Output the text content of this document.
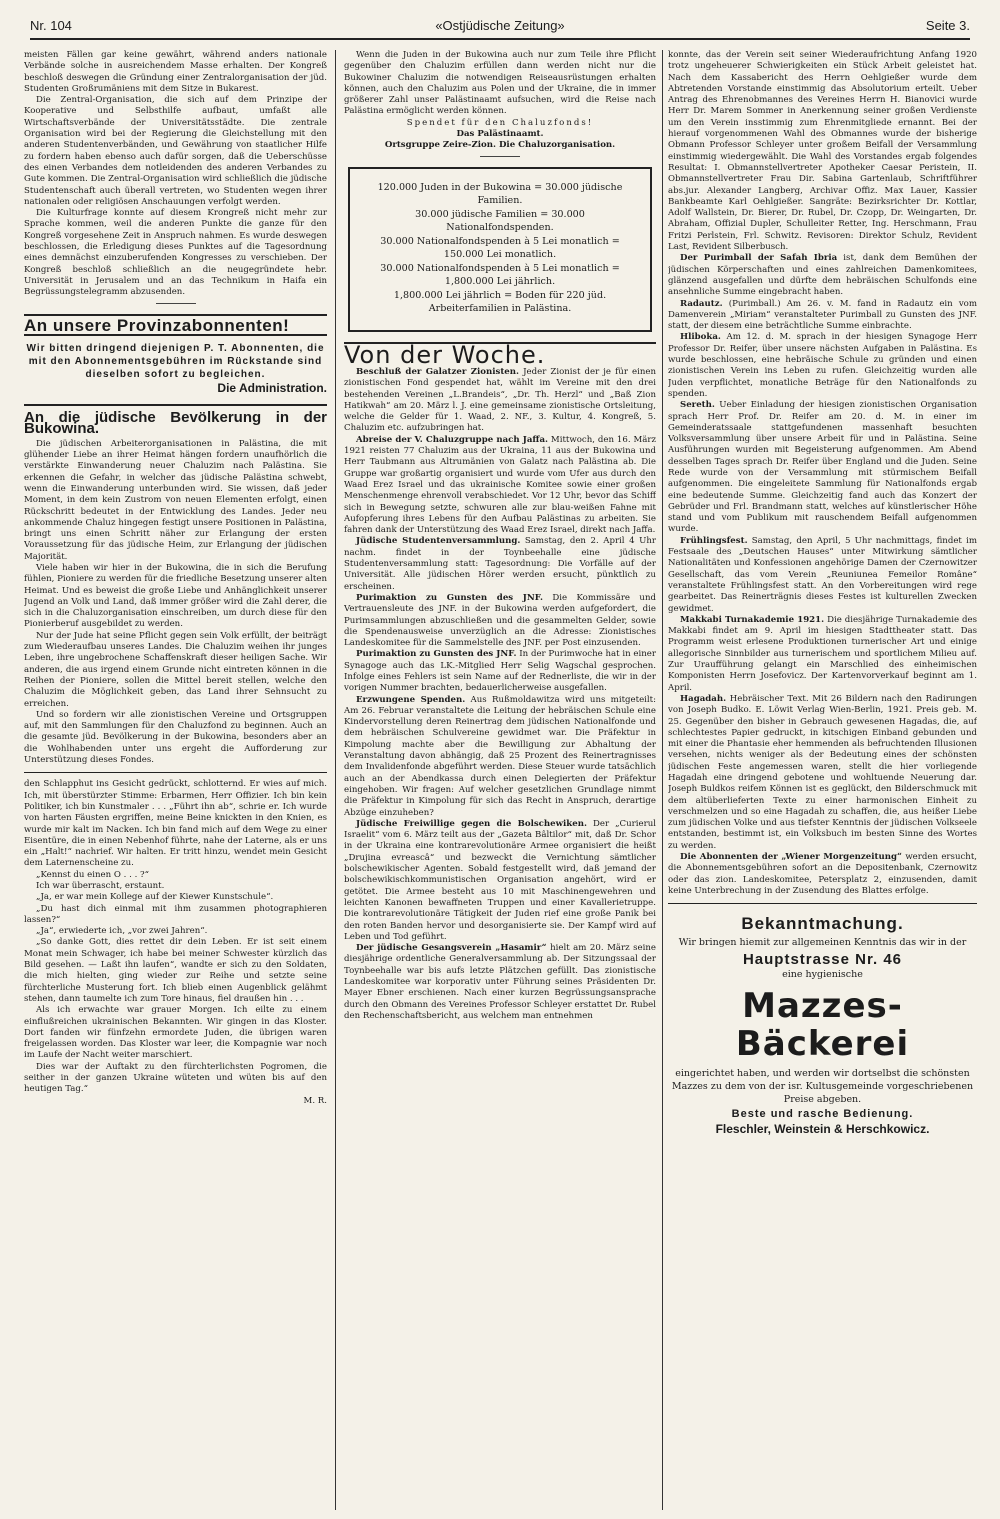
Nr. 104	«Ostjüdische Zeitung»	Seite 3.

meisten Fällen gar keine gewährt, während anders nationale Verbände solche in ausreichendem Masse erhalten. Der Kongreß beschloß deswegen die Gründung einer Zentralorganisation der jüd. Studenten Großrumäniens mit dem Sitze in Bukarest.

Die Zentral-Organisation, die sich auf dem Prinzipe der Kooperative und Selbsthilfe aufbaut, umfaßt alle Wirtschaftsverbände der Universitätsstädte. Die zentrale Organisation wird bei der Regierung die Gleichstellung mit den anderen Studentenverbänden, und Gewährung von staatlicher Hilfe zu fordern haben ebenso auch dafür sorgen, daß die Ueberschüsse des einen Verbandes dem notleidenden des anderen Verbandes zu Gute kommen. Die Zentral-Organisation wird schließlich die jüdische Studentenschaft auch überall vertreten, wo Studenten wegen ihrer nationalen oder religiösen Anschauungen verfolgt werden.

Die Kulturfrage konnte auf diesem Krongreß nicht mehr zur Sprache kommen, weil die anderen Punkte die ganze für den Kongreß vorgesehene Zeit in Anspruch nahmen. Es wurde deswegen beschlossen, die Erledigung dieses Punktes auf die Tagesordnung eines demnächst einzuberufenden Kongresses zu verschieben. Der Kongreß beschloß schließlich an die neugegründete hebr. Universität in Jerusalem und an das Technikum in Haifa ein Begrüssungstelegramm abzusenden.

An unsere Provinzabonnenten!
Wir bitten dringend diejenigen P. T. Abonnenten, die mit den Abonnementsgebühren im Rückstande sind dieselben sofort zu begleichen.
Die Administration.
An die jüdische Bevölkerung in der Bukowina.

Die jüdischen Arbeiterorganisationen in Palästina, die mit glühender Liebe an ihrer Heimat hängen fordern unaufhörlich die verstärkte Einwanderung neuer Chaluzim nach Palästina. Sie erkennen die Gefahr, in welcher das jüdische Palästina schwebt, wenn die Einwanderung unterbunden wird. Sie wissen, daß jeder Moment, in dem kein Zustrom von neuen Elementen erfolgt, einen Rückschritt bedeutet in der Entwicklung des Landes. Jeder neu ankommende Chaluz hingegen festigt unsere Positionen in Palästina, bringt uns einen Schritt näher zur Erlangung der ersten Voraussetzung für das jüdische Heim, zur Erlangung der jüdischen Majorität.

Viele haben wir hier in der Bukowina, die in sich die Berufung fühlen, Pioniere zu werden für die friedliche Besetzung unserer alten Heimat. Und es beweist die große Liebe und Anhänglichkeit unserer Jugend an Volk und Land, daß immer größer wird die Zahl derer, die sich in die Chaluzorganisation einschreiben, um durch diese für den Pionierberuf ausgebildet zu werden.

Nur der Jude hat seine Pflicht gegen sein Volk erfüllt, der beiträgt zum Wiederaufbau unseres Landes. Die Chaluzim weihen ihr junges Leben, ihre ungebrochene Schaffenskraft dieser heiligen Sache. Wir anderen, die aus irgend einem Grunde nicht eintreten können in die Reihen der Pioniere, sollen die Mittel bereit stellen, welche den Chaluzim die Möglichkeit geben, das Land ihrer Sehnsucht zu erreichen.

Und so fordern wir alle zionistischen Vereine und Ortsgruppen auf, mit den Sammlungen für den Chaluzfond zu beginnen. Auch an die gesamte jüd. Bevölkerung in der Bukowina, besonders aber an die Wohlhabenden unter uns ergeht die Aufforderung zur Unterstützung dieses Fondes.

den Schlapphut ins Gesicht gedrückt, schlotternd. Er wies auf mich. Ich, mit überstürzter Stimme: Erbarmen, Herr Offizier. Ich bin kein Politiker, ich bin Kunstmaler . . . „Führt ihn ab“, schrie er. Ich wurde von harten Fäusten ergriffen, meine Beine knickten in den Knien, es wurde mir kalt im Nacken. Ich bin fand mich auf dem Wege zu einer Eisentüre, die in einen Nebenhof führte, nahe der Laterne, als er uns ein „Halt!“ nachrief. Wir halten. Er tritt hinzu, wendet mein Gesicht dem Laternenscheine zu.

„Kennst du einen O . . . ?“

Ich war überrascht, erstaunt.

„Ja, er war mein Kollege auf der Kiewer Kunstschule“.

„Du hast dich einmal mit ihm zusammen photographieren lassen?“

„Ja“, erwiederte ich, „vor zwei Jahren“.

„So danke Gott, dies rettet dir dein Leben. Er ist seit einem Monat mein Schwager, ich habe bei meiner Schwester kürzlich das Bild gesehen. — Laßt ihn laufen“, wandte er sich zu den Soldaten, die mich hielten, ging wieder zur Reihe und setzte seine fürchterliche Musterung fort. Ich blieb einen Augenblick gelähmt stehen, dann taumelte ich zum Tore hinaus, fiel draußen hin . . .

Als ich erwachte war grauer Morgen. Ich eilte zu einem einflußreichen ukrainischen Bekannten. Wir gingen in das Kloster. Dort fanden wir fünfzehn ermordete Juden, die übrigen waren freigelassen worden. Das Kloster war leer, die Kompagnie war noch im Laufe der Nacht weiter marschiert.

Dies war der Auftakt zu den fürchterlichsten Pogromen, die seither in der ganzen Ukraine wüteten und wüten bis auf den heutigen Tag.“

M. R.

Wenn die Juden in der Bukowina auch nur zum Teile ihre Pflicht gegenüber den Chaluzim erfüllen dann werden nicht nur die Bukowiner Chaluzim die notwendigen Reiseausrüstungen erhalten können, auch den Chaluzim aus Polen und der Ukraine, die in immer größerer Zahl unser Palästinaamt aufsuchen, wird die Reise nach Palästina ermöglicht werden können.

Spendet für den Chaluzfonds!

Das Palästinaamt.

Ortsgruppe Zeire-Zion. Die Chaluzorganisation.

120.000 Juden in der Bukowina = 30.000 jüdische Familien.
30.000 jüdische Familien = 30.000 Nationalfondspenden.
30.000 Nationalfondspenden à 5 Lei monatlich = 150.000 Lei monatlich.
30.000 Nationalfondspenden à 5 Lei monatlich = 1,800.000 Lei jährlich.
1,800.000 Lei jährlich = Boden für 220 jüd. Arbeiterfamilien in Palästina.
Von der Woche.

Beschluß der Galatzer Zionisten. Jeder Zionist der je für einen zionistischen Fond gespendet hat, wählt im Vereine mit den drei bestehenden Vereinen „L.Brandeis“, „Dr. Th. Herzl“ und „Baß Zion Hatikwah“ am 20. März l. J. eine gemeinsame zionistische Ortsleitung, welche die Gelder für 1. Waad, 2. NF., 3. Kultur, 4. Kongreß, 5. Chaluzim etc. aufzubringen hat.

Abreise der V. Chaluzgruppe nach Jaffa. Mittwoch, den 16. März 1921 reisten 77 Chaluzim aus der Ukraina, 11 aus der Bukowina und Herr Taubmann aus Altrumänien von Galatz nach Palästina ab. Die Gruppe war großartig organisiert und wurde vom Ufer aus durch den Waad Erez Israel und das ukrainische Komitee sowie einer großen Menschenmenge ehrenvoll verabschiedet. Vor 12 Uhr, bevor das Schiff sich in Bewegung setzte, schwuren alle zur blau-weißen Fahne mit Aufopferung ihres Lebens für den Aufbau Palästinas zu arbeiten. Sie fahren dank der Unterstützung des Waad Erez Israel, direkt nach Jaffa.

Jüdische Studentenversammlung. Samstag, den 2. April 4 Uhr nachm. findet in der Toynbeehalle eine jüdische Studentenversammlung statt: Tagesordnung: Die Vorfälle auf der Universität. Alle jüdischen Hörer werden ersucht, pünktlich zu erscheinen.

Purimaktion zu Gunsten des JNF. Die Kommissäre und Vertrauensleute des JNF. in der Bukowina werden aufgefordert, die Purimsammlungen abzuschließen und die gesammelten Gelder, sowie die Spendenausweise unverzüglich an die Adresse: Zionistisches Landeskomitee für die Sammelstelle des JNF. per Post einzusenden.

Purimaktion zu Gunsten des JNF. In der Purimwoche hat in einer Synagoge auch das LK.-Mitglied Herr Selig Wagschal gesprochen. Infolge eines Fehlers ist sein Name auf der Rednerliste, die wir in der vorigen Nummer brachten, bedauerlicherweise ausgefallen.

Erzwungene Spenden. Aus Rußmoldawitza wird uns mitgeteilt: Am 26. Februar veranstaltete die Leitung der hebräischen Schule eine Kindervorstellung deren Reinertrag dem jüdischen Nationalfonde und dem hebräischen Schulvereine gewidmet war. Die Präfektur in Kimpolung machte aber die Bewilligung zur Abhaltung der Veranstaltung davon abhängig, daß 25 Prozent des Reinertragnisses dem Invalidenfonde abgeführt werden. Diese Steuer wurde tatsächlich auch an der Abendkassa durch einen Delegierten der Präfektur eingehoben. Wir fragen: Auf welcher gesetzlichen Grundlage nimmt die Präfektur in Kimpolung für sich das Recht in Anspruch, derartige Abzüge einzuheben?

Jüdische Freiwillige gegen die Bolschewiken. Der „Curierul Israelit“ vom 6. März teilt aus der „Gazeta Bâltilor“ mit, daß Dr. Schor in der Ukraina eine kontrarevolutionäre Armee organisiert die heißt „Drujina evreascâ“ und bezweckt die Vernichtung sämtlicher bolschewikischer Agenten. Sobald festgestellt wird, daß jemand der bolschewikischkommunistischen Organisation angehört, wird er getötet. Die Armee besteht aus 10 mit Maschinengewehren und leichten Kanonen bewaffneten Truppen und einer Kavallerietruppe. Die kontrarevolutionäre Tätigkeit der Juden rief eine große Panik bei den roten Banden hervor und desorganisierte sie. Der Kampf wird auf Leben und Tod geführt.

Der jüdische Gesangsverein „Hasamir“ hielt am 20. März seine diesjährige ordentliche Generalversammlung ab. Der Sitzungssaal der Toynbeehalle war bis aufs letzte Plätzchen gefüllt. Das zionistische Landeskomitee war korporativ unter Führung seines Präsidenten Dr. Mayer Ebner erschienen. Nach einer kurzen Begrüssungsansprache durch den Obmann des Vereines Professor Schleyer erstattet Dr. Rubel den Rechenschaftsbericht, aus welchem man entnehmen

konnte, das der Verein seit seiner Wiederaufrichtung Anfang 1920 trotz ungeheuerer Schwierigkeiten ein Stück Arbeit geleistet hat. Nach dem Kassabericht des Herrn Oehlgießer wurde dem Abtretenden Vorstande einstimmig das Absolutorium erteilt. Ueber Antrag des Ehrenobmannes des Vereines Herrn H. Bianovici wurde Herr Dr. Marem Sommer in Anerkennung seiner großen Verdienste um den Verein insstimmig zum Ehrenmitgliede ernannt. Bei der hierauf vorgenommenen Wahl des Obmannes wurde der bisherige Obmann Professor Schleyer unter großem Beifall der Versammlung einstimmig wiedergewählt. Die Wahl des Vorstandes ergab folgendes Resultat: I. Obmannstellvertreter Apotheker Caesar Peristein, II. Obmannstellvertreter Frau Dir. Sabina Gartenlaub, Schriftführer abs.jur. Alexander Langberg, Archivar Offiz. Max Lauer, Kassier Bankbeamte Karl Oehlgießer. Sangräte: Bezirksrichter Dr. Kottlar, Adolf Wallstein, Dr. Bierer, Dr. Rubel, Dr. Czopp, Dr. Weingarten, Dr. Abraham, Offizial Dupler, Schulleiter Retter, Ing. Herschmann, Frau Fritzi Perlstein, Frl. Schwitz. Revisoren: Direktor Schulz, Revident Last, Revident Silberbusch.

Der Purimball der Safah Ibria ist, dank dem Bemühen der jüdischen Körperschaften und eines zahlreichen Damenkomitees, glänzend ausgefallen und dürfte dem hebräischen Schulfonds eine ansehnliche Summe eingebracht haben.

Radautz. (Purimball.) Am 26. v. M. fand in Radautz ein vom Damenverein „Miriam“ veranstalteter Purimball zu Gunsten des JNF. statt, der diesem eine beträchtliche Summe einbrachte.

Hliboka. Am 12. d. M. sprach in der hiesigen Synagoge Herr Professor Dr. Reifer, über unsere nächsten Aufgaben in Palästina. Es wurde beschlossen, eine hebräische Schule zu gründen und einen zionistischen Verein ins Leben zu rufen. Gleichzeitig wurden alle Juden verpflichtet, monatliche Beträge für den Nationalfonds zu spenden.

Sereth. Ueber Einladung der hiesigen zionistischen Organisation sprach Herr Prof. Dr. Reifer am 20. d. M. in einer im Gemeinderatssaale stattgefundenen massenhaft besuchten Volksversammlung über unsere Arbeit für und in Palästina. Seine Ausführungen wurden mit Begeisterung aufgenommen. Am Abend desselben Tages sprach Dr. Reifer über England und die Juden. Seine Rede wurde von der Versammlung mit stürmischem Beifall aufgenommen. Die eingeleitete Sammlung für Nationalfonds ergab eine bedeutende Summe. Gleichzeitig fand auch das Konzert der Gebrüder und Frl. Brandmann statt, welches auf künstlerischer Höhe stand und vom Publikum mit rauschendem Beifall aufgenommen wurde.

Frühlingsfest. Samstag, den April, 5 Uhr nachmittags, findet im Festsaale des „Deutschen Hauses“ unter Mitwirkung sämtlicher Nationalitäten und Konfessionen angehörige Damen der Czernowitzer Gesellschaft, das vom Verein „Reuniunea Femeilor Române“ veranstaltete Frühlingsfest statt. An den Vorbereitungen wird rege gearbeitet. Das Reinerträgnis dieses Festes ist kulturellen Zwecken gewidmet.

Makkabi Turnakademie 1921. Die diesjährige Turnakademie des Makkabi findet am 9. April im hiesigen Stadttheater statt. Das Programm weist erlesene Produktionen turnerischer Art und einige allegorische Sinnbilder aus turnerischem und sportlichem Milieu auf. Zur Uraufführung gelangt ein Marschlied des einheimischen Komponisten Herrn Josefovicz. Der Kartenvorverkauf beginnt am 1. April.

Hagadah. Hebräischer Text. Mit 26 Bildern nach den Radirungen von Joseph Budko. E. Löwit Verlag Wien-Berlin, 1921. Preis geb. M. 25. Gegenüber den bisher in Gebrauch gewesenen Hagadas, die, auf schlechtestes Papier gedruckt, in kitschigen Einband gebunden und mit einer die Phantasie eher hemmenden als befruchtenden Illusionen versehen, nichts weniger als der Bedeutung eines der schönsten jüdischen Feste angemessen waren, stellt die hier vorliegende Hagadah eine dringend gebotene und wohltuende Neuerung dar. Joseph Buldkos reifem Können ist es geglückt, den Bilderschmuck mit dem altüberlieferten Texte zu einer harmonischen Einheit zu verschmelzen und so eine Hagadah zu schaffen, die, aus heißer Liebe zum jüdischen Volke und aus tiefster Kenntnis der jüdischen Volkseele entstanden, bestimmt ist, ein Volksbuch im besten Sinne des Wortes zu werden.

Die Abonnenten der „Wiener Morgenzeitung“ werden ersucht, die Abonnementsgebühren sofort an die Depositenbank, Czernowitz oder das zion. Landeskomitee, Petersplatz 2, einzusenden, damit keine Unterbrechung in der Zusendung des Blattes erfolge.

Bekanntmachung.
Wir bringen hiemit zur allgemeinen Kenntnis das wir in der
Hauptstrasse Nr. 46
eine hygienische
Mazzes-Bäckerei
eingerichtet haben, und werden wir dortselbst die schönsten Mazzes zu dem von der isr. Kultusgemeinde vorgeschriebenen Preise abgeben.
Beste und rasche Bedienung.
Fleschler, Weinstein & Herschkowicz.
